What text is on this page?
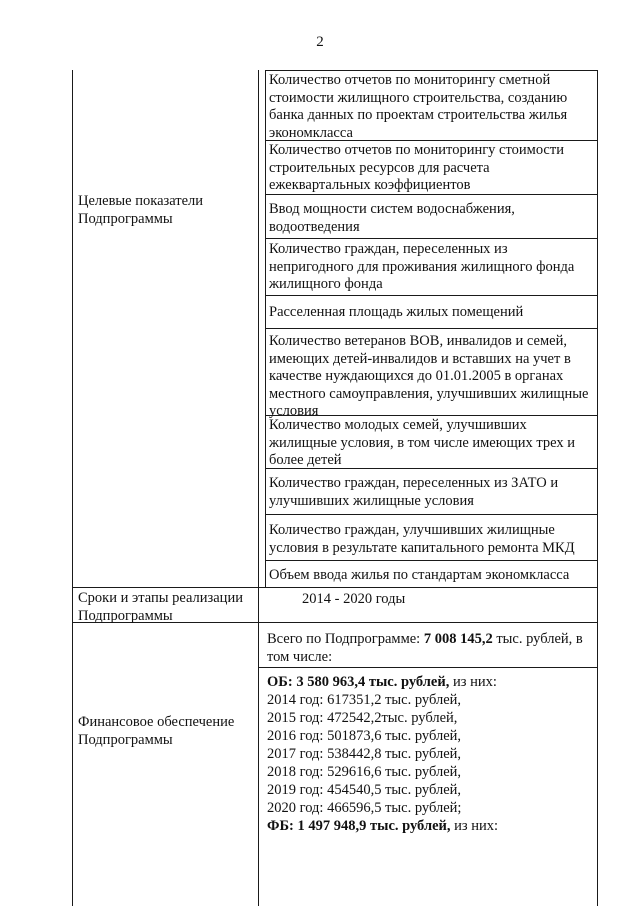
2
Целевые показатели Подпрограммы
Количество отчетов по мониторингу сметной стоимости жилищного строительства, созданию банка данных по проектам строительства жилья экономкласса
Количество отчетов по мониторингу стоимости строительных ресурсов для расчета ежеквартальных коэффициентов
Ввод мощности систем водоснабжения, водоотведения
Количество граждан, переселенных из непригодного для проживания жилищного фонда жилищного фонда
Расселенная площадь жилых помещений
Количество ветеранов ВОВ, инвалидов и семей, имеющих детей-инвалидов и вставших на учет в качестве нуждающихся до 01.01.2005 в органах местного самоуправления, улучшивших жилищные условия
Количество молодых семей, улучшивших жилищные условия, в том числе имеющих трех и более детей
Количество граждан, переселенных из ЗАТО и улучшивших жилищные условия
Количество граждан, улучшивших жилищные условия в результате капитального ремонта МКД
Объем ввода жилья по стандартам экономкласса
Сроки и этапы реализации Подпрограммы
2014 - 2020 годы
Финансовое обеспечение Подпрограммы
Всего по Подпрограмме: 7 008 145,2 тыс. рублей, в том числе:
ОБ: 3 580 963,4 тыс. рублей, из них:
2014 год: 617351,2 тыс. рублей,
2015 год: 472542,2тыс. рублей,
2016 год: 501873,6 тыс. рублей,
2017 год: 538442,8 тыс. рублей,
2018 год: 529616,6 тыс. рублей,
2019 год: 454540,5 тыс. рублей,
2020 год: 466596,5 тыс. рублей;
ФБ: 1 497 948,9 тыс. рублей, из них:
